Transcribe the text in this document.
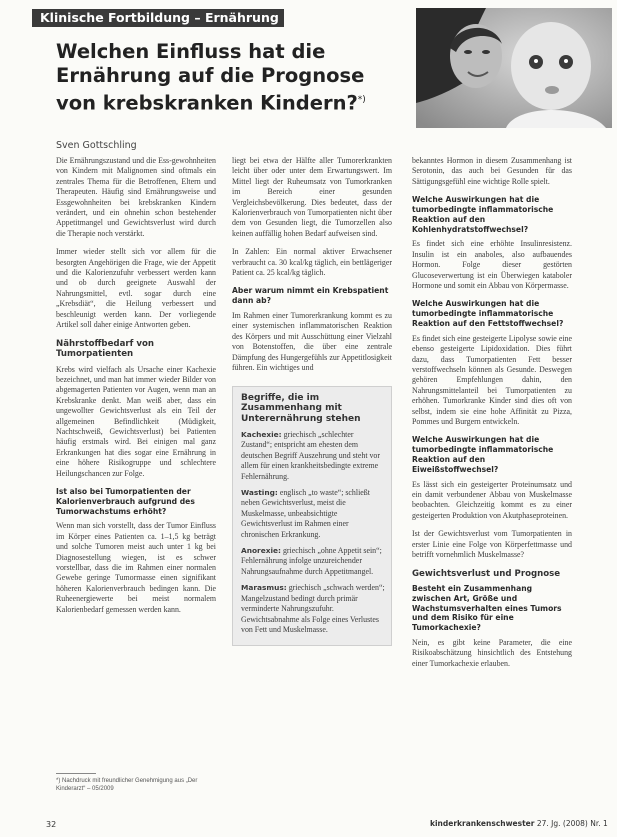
Klinische Fortbildung – Ernährung
Welchen Einfluss hat die Ernährung auf die Prognose von krebskranken Kindern?*)

Sven Gottschling

Die Ernährungszustand und die Ess-gewohnheiten von Kindern mit Malignomen sind oftmals ein zentrales Thema für die Betroffenen, Eltern und Therapeuten. Häufig sind Ernährungsweise und Essgewohnheiten bei krebskranken Kindern verändert, und ein ohnehin schon bestehender Appetitmangel und Gewichtsverlust wird durch die Therapie noch verstärkt.

Immer wieder stellt sich vor allem für die besorgten Angehörigen die Frage, wie der Appetit und die Kalorienzufuhr verbessert werden kann und ob durch geeignete Auswahl der Nahrungsmittel, evtl. sogar durch eine „Krebsdiät“, die Heilung verbessert und beschleunigt werden kann. Der vorliegende Artikel soll daher einige Antworten geben.

Nährstoffbedarf von Tumorpatienten

Krebs wird vielfach als Ursache einer Kachexie bezeichnet, und man hat immer wieder Bilder von abgemagerten Patienten vor Augen, wenn man an Krebskranke denkt. Man weiß aber, dass ein ungewollter Gewichtsverlust als ein Teil der allgemeinen Befindlichkeit (Müdigkeit, Nachtschweiß, Gewichtsverlust) bei Patienten häufig erstmals wird. Bei einigen mal ganz Erkrankungen hat dies sogar eine Ernährung in eine höhere Risikogruppe und schlechtere Heilungschancen zur Folge.

Ist also bei Tumorpatienten der Kalorienverbrauch aufgrund des Tumorwachstums erhöht?

Wenn man sich vorstellt, dass der Tumor Einfluss im Körper eines Patienten ca. 1–1,5 kg beträgt und solche Tumoren meist auch unter 1 kg bei Diagnosestellung wiegen, ist es schwer vorstellbar, dass die im Rahmen einer normalen Gewebe geringe Tumormasse einen signifikant höheren Kalorienverbrauch bedingen kann. Die Ruheenergiewerte bei meist normalem Kalorienbedarf gemessen werden kann.

liegt bei etwa der Hälfte aller Tumorerkrankten leicht über oder unter dem Erwartungswert. Im Mittel liegt der Ruheumsatz von Tumorkranken im Bereich einer gesunden Vergleichsbevölkerung. Dies bedeutet, dass der Kalorienverbrauch von Tumorpatienten nicht über dem von Gesunden liegt, die Tumorzellen also keinen auffällig hohen Bedarf aufweisen sind.

In Zahlen: Ein normal aktiver Erwachsener verbraucht ca. 30 kcal/kg täglich, ein bettlägeriger Patient ca. 25 kcal/kg täglich.

Aber warum nimmt ein Krebspatient dann ab?

Im Rahmen einer Tumorerkrankung kommt es zu einer systemischen inflammatorischen Reaktion des Körpers und mit Ausschüttung einer Vielzahl von Botenstoffen, die über eine zentrale Dämpfung des Hungergefühls zur Appetitlosigkeit führen. Ein wichtiges und

Begriffe, die im Zusammenhang mit Unterernährung stehen

Kachexie: griechisch „schlechter Zustand“; entspricht am ehesten dem deutschen Begriff Auszehrung und steht vor allem für einen krankheitsbedingte extreme Fehlernährung.

Wasting: englisch „to waste“; schließt neben Gewichtsverlust, meist die Muskelmasse, unbeabsichtigte Gewichtsverlust im Rahmen einer chronischen Erkrankung.

Anorexie: griechisch „ohne Appetit sein“; Fehlernährung infolge unzureichender Nahrungsaufnahme durch Appetitmangel.

Marasmus: griechisch „schwach werden“; Mangelzustand bedingt durch primär verminderte Nahrungszufuhr. Gewichtsabnahme als Folge eines Verlustes von Fett und Muskelmasse.

bekanntes Hormon in diesem Zusammenhang ist Serotonin, das auch bei Gesunden für das Sättigungsgefühl eine wichtige Rolle spielt.

Welche Auswirkungen hat die tumorbedingte inflammatorische Reaktion auf den Kohlenhydratstoffwechsel?

Es findet sich eine erhöhte Insulinresistenz. Insulin ist ein anaboles, also aufbauendes Hormon. Folge dieser gestörten Glucoseverwertung ist ein Überwiegen kataboler Hormone und somit ein Abbau von Körpermasse.

Welche Auswirkungen hat die tumorbedingte inflammatorische Reaktion auf den Fettstoffwechsel?

Es findet sich eine gesteigerte Lipolyse sowie eine ebenso gesteigerte Lipidoxidation. Dies führt dazu, dass Tumorpatienten Fett besser verstoffwechseln können als Gesunde. Deswegen gehören Empfehlungen dahin, den Nahrungsmittelanteil bei Tumorpatienten zu erhöhen. Tumorkranke Kinder sind dies oft von selbst, indem sie eine hohe Affinität zu Pizza, Pommes und Burgern entwickeln.

Welche Auswirkungen hat die tumorbedingte inflammatorische Reaktion auf den Eiweißstoffwechsel?

Es lässt sich ein gesteigerter Proteinumsatz und ein damit verbundener Abbau von Muskelmasse beobachten. Gleichzeitig kommt es zu einer gesteigerten Produktion von Akutphaseproteinen.

Ist der Gewichtsverlust vom Tumorpatienten in erster Linie eine Folge von Körperfettmasse und betrifft vornehmlich Muskelmasse?

Gewichtsverlust und Prognose
Besteht ein Zusammenhang zwischen Art, Größe und Wachstumsverhalten eines Tumors und dem Risiko für eine Tumorkachexie?

Nein, es gibt keine Parameter, die eine Risikoabschätzung hinsichtlich des Entstehung einer Tumorkachexie erlauben.

*) Nachdruck mit freundlicher Genehmigung aus „Der Kinderarzt“ – 05/2009
32	kinderkrankenschwester 27. Jg. (2008) Nr. 1
